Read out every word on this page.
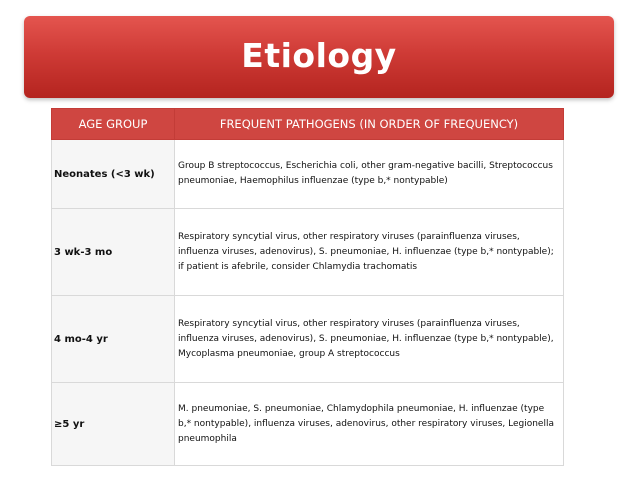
Etiology
AGE GROUP	FREQUENT PATHOGENS (IN ORDER OF FREQUENCY)
Neonates (<3 wk)	Group B streptococcus, Escherichia coli, other gram-negative bacilli, Streptococcus pneumoniae, Haemophilus influenzae (type b,* nontypable)
3 wk-3 mo	Respiratory syncytial virus, other respiratory viruses (parainfluenza viruses, influenza viruses, adenovirus), S. pneumoniae, H. influenzae (type b,* nontypable); if patient is afebrile, consider Chlamydia trachomatis
4 mo-4 yr	Respiratory syncytial virus, other respiratory viruses (parainfluenza viruses, influenza viruses, adenovirus), S. pneumoniae, H. influenzae (type b,* nontypable), Mycoplasma pneumoniae, group A streptococcus
≥5 yr	M. pneumoniae, S. pneumoniae, Chlamydophila pneumoniae, H. influenzae (type b,* nontypable), influenza viruses, adenovirus, other respiratory viruses, Legionella pneumophila
